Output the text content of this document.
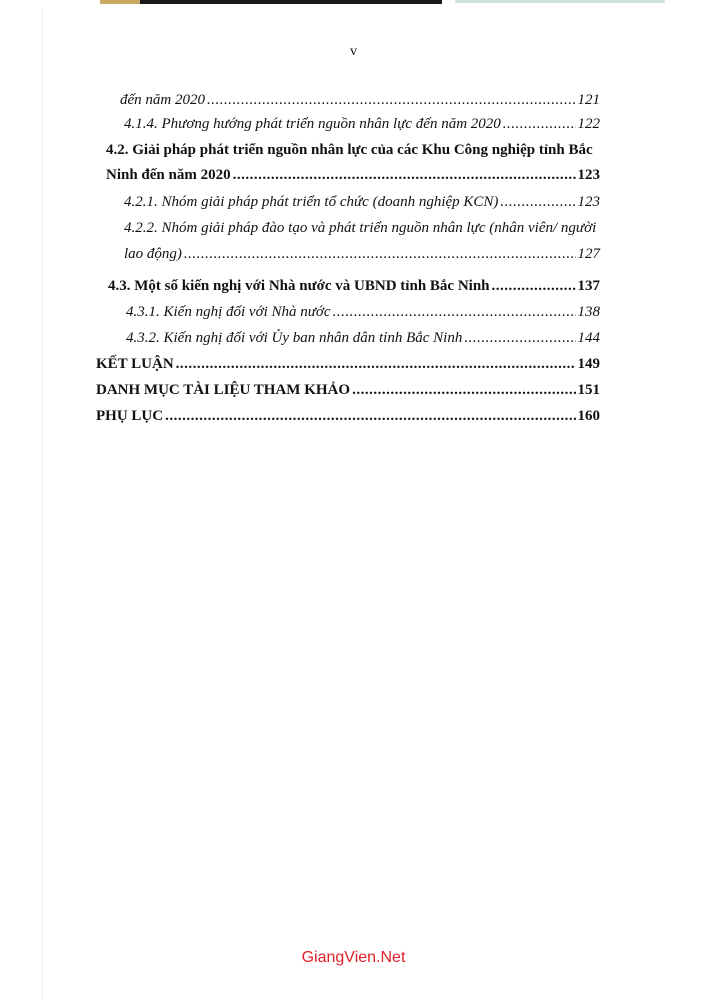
v
đến năm 2020 .....	121
4.1.4. Phương hướng phát triển nguồn nhân lực đến năm 2020 .....	122
4.2. Giải pháp phát triển nguồn nhân lực của các Khu Công nghiệp tỉnh Bắc
Ninh đến năm 2020 .....	123
4.2.1. Nhóm giải pháp phát triển tổ chức (doanh nghiệp KCN) .....	123
4.2.2. Nhóm giải pháp đào tạo và phát triển nguồn nhân lực (nhân viên/ người
lao động) .....	127
4.3. Một số kiến nghị với Nhà nước và UBND tỉnh Bắc Ninh .....	137
4.3.1. Kiến nghị đối với Nhà nước .....	138
4.3.2. Kiến nghị đối với Ủy ban nhân dân tỉnh Bắc Ninh .....	144
KẾT LUẬN .....	149
DANH MỤC TÀI LIỆU THAM KHẢO .....	151
PHỤ LỤC .....	160
GiangVien.Net
